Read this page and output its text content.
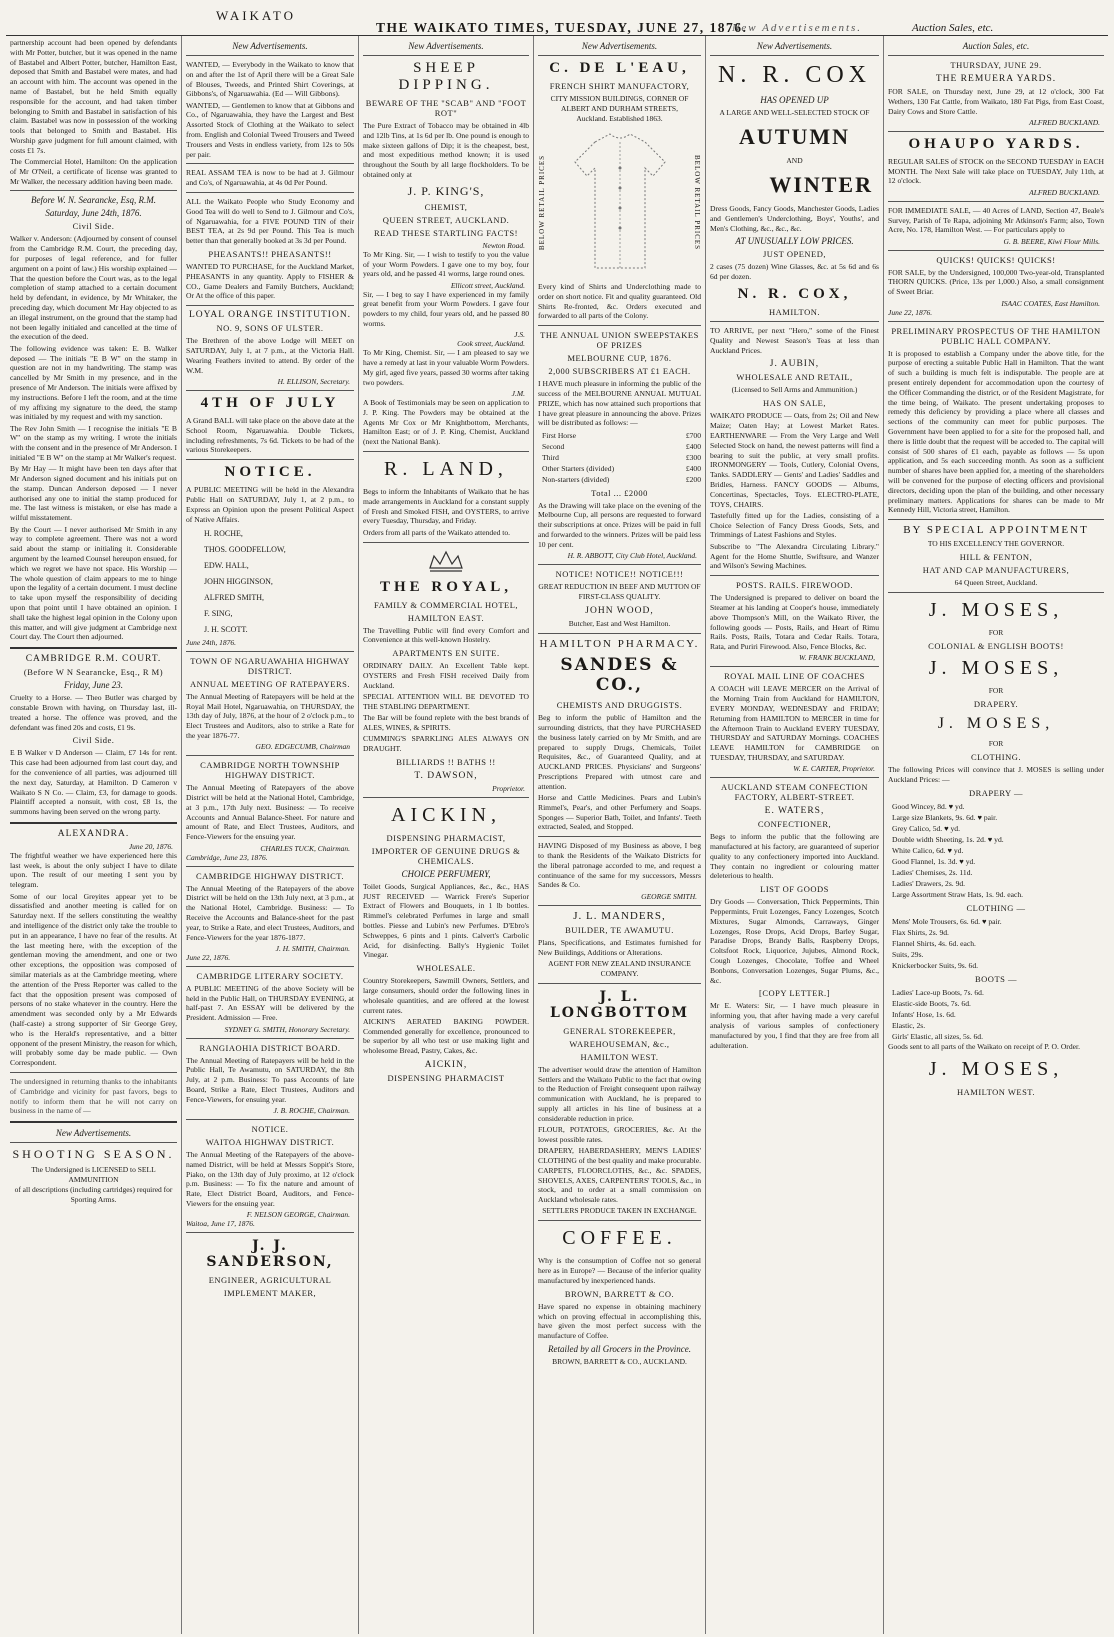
WAIKATO
THE WAIKATO TIMES, TUESDAY, JUNE 27, 1876.
New Advertisements.	Auction Sales, etc.

partnership account had been opened by defendants with Mr Potter, butcher, but it was opened in the name of Bastabel and Albert Potter, butcher, Hamilton East, deposed that Smith and Bastabel were mates, and had an account with him. The account was opened in the name of Bastabel, but he held Smith equally responsible for the account, and had taken timber belonging to Smith and Bastabel in satisfaction of his claim. Bastabel was now in possession of the working tools that belonged to Smith and Bastabel. His Worship gave judgment for full amount claimed, with costs £1 7s.

The Commercial Hotel, Hamilton: On the application of Mr O'Neil, a certificate of license was granted to Mr Walker, the necessary addition having been made.

Before W. N. Searancke, Esq, R.M.
Saturday, June 24th, 1876.
Civil Side.

Walker v. Anderson: (Adjourned by consent of counsel from the Cambridge R.M. Court, the preceding day, for purposes of legal reference, and for fuller argument on a point of law.) His worship explained — That the question before the Court was, as to the legal completion of stamp attached to a certain document held by defendant, in evidence, by Mr Whitaker, the preceding day, which document Mr Hay objected to as an illegal instrument, on the ground that the stamp had not been legally initialed and cancelled at the time of the execution of the deed.

The following evidence was taken: E. B. Walker deposed — The initials "E B W" on the stamp in question are not in my handwriting. The stamp was cancelled by Mr Smith in my presence, and in the presence of Mr Anderson. The initials were affixed by my instructions. Before I left the room, and at the time of my affixing my signature to the deed, the stamp was initialed by my request and with my sanction.

The Rev John Smith — I recognise the initials "E B W" on the stamp as my writing. I wrote the initials with the consent and in the presence of Mr Anderson. I initialed "E B W" on the stamp at Mr Walker's request.

By Mr Hay — It might have been ten days after that Mr Anderson signed document and his initials put on the stamp. Duncan Anderson deposed — I never authorised any one to initial the stamp produced for me. The last witness is mistaken, or else has made a wilful misstatement.

By the Court — I never authorised Mr Smith in any way to complete agreement. There was not a word said about the stamp or initialing it. Considerable argument by the learned Counsel hereupon ensued, for which we regret we have not space. His Worship — The whole question of claim appears to me to hinge upon the legality of a certain document. I must decline to take upon myself the responsibility of deciding upon that point until I have obtained an opinion. I shall take the highest legal opinion in the Colony upon this matter, and will give judgment at Cambridge next Court day. The Court then adjourned.

CAMBRIDGE R.M. COURT.
(Before W N Searancke, Esq., R M)
Friday, June 23.

Cruelty to a Horse. — Theo Butler was charged by constable Brown with having, on Thursday last, ill-treated a horse. The offence was proved, and the defendant was fined 20s and costs, £1 9s.

Civil Side.

E B Walker v D Anderson — Claim, £7 14s for rent. This case had been adjourned from last court day, and for the convenience of all parties, was adjourned till the next day, Saturday, at Hamilton. D Cameron v Waikato S N Co. — Claim, £3, for damage to goods. Plaintiff accepted a nonsuit, with cost, £8 1s, the summons having been served on the wrong party.

ALEXANDRA.
June 20, 1876.

The frightful weather we have experienced here this last week, is about the only subject I have to dilate upon. The result of our meeting I sent you by telegram.

Some of our local Greyites appear yet to be dissatisfied and another meeting is called for on Saturday next. If the sellers constituting the wealthy and intelligence of the district only take the trouble to put in an appearance, I have no fear of the results. At the last meeting here, with the exception of the gentleman moving the amendment, and one or two other exceptions, the opposition was composed of similar materials as at the Cambridge meeting, where the attention of the Press Reporter was called to the fact that the opposition present was composed of persons of no stake whatever in the country. Here the amendment was seconded only by a Mr Edwards (half-caste) a strong supporter of Sir George Grey, who is the Herald's representative, and a bitter opponent of the present Ministry, the reason for which, will probably some day be made public. — Own Correspondent.

The undersigned in returning thanks to the inhabitants of Cambridge and vicinity for past favors, begs to notify to inform them that he will not carry on business in the name of —

New Advertisements.
SHOOTING SEASON.
The Undersigned is LICENSED to SELL AMMUNITION
of all descriptions (including cartridges) required for Sporting Arms.
New Advertisements.

WANTED, — Everybody in the Waikato to know that on and after the 1st of April there will be a Great Sale of Blouses, Tweeds, and Printed Shirt Coverings, at Gibbons's, of Ngaruawahia. (Ed — Will Gibbons).

WANTED, — Gentlemen to know that at Gibbons and Co., of Ngaruawahia, they have the Largest and Best Assorted Stock of Clothing at the Waikato to select from. English and Colonial Tweed Trousers and Tweed Trousers and Vests in endless variety, from 12s to 50s per pair.

REAL ASSAM TEA is now to be had at J. Gilmour and Co's, of Ngaruawahia, at 4s 0d Per Pound.

ALL the Waikato People who Study Economy and Good Tea will do well to Send to J. Gilmour and Co's, of Ngaruawahia, for a FIVE POUND TIN of their BEST TEA, at 2s 9d per Pound. This Tea is much better than that generally booked at 3s 3d per Pound.

PHEASANTS!! PHEASANTS!!

WANTED TO PURCHASE, for the Auckland Market, PHEASANTS in any quantity. Apply to FISHER & CO., Game Dealers and Family Butchers, Auckland; Or At the office of this paper.

LOYAL ORANGE INSTITUTION.
NO. 9, SONS OF ULSTER.

The Brethren of the above Lodge will MEET on SATURDAY, July 1, at 7 p.m., at the Victoria Hall. Wearing Feathers invited to attend. By order of the W.M.

H. ELLISON, Secretary.
4TH OF JULY

A Grand BALL will take place on the above date at the School Room, Ngaruawahia. Double Tickets, including refreshments, 7s 6d. Tickets to be had of the various Storekeepers.

NOTICE.

A PUBLIC MEETING will be held in the Alexandra Public Hall on SATURDAY, July 1, at 2 p.m., to Express an Opinion upon the present Political Aspect of Native Affairs.

H. ROCHE,
THOS. GOODFELLOW,
EDW. HALL,
JOHN HIGGINSON,
ALFRED SMITH,
F. SING,
J. H. SCOTT.
June 24th, 1876.
TOWN OF NGARUAWAHIA HIGHWAY DISTRICT.
ANNUAL MEETING OF RATEPAYERS.

The Annual Meeting of Ratepayers will be held at the Royal Mail Hotel, Ngaruawahia, on THURSDAY, the 13th day of July, 1876, at the hour of 2 o'clock p.m., to Elect Trustees and Auditors, also to strike a Rate for the year 1876-77.

GEO. EDGECUMB, Chairman
CAMBRIDGE NORTH TOWNSHIP HIGHWAY DISTRICT.

The Annual Meeting of Ratepayers of the above District will be held at the National Hotel, Cambridge, at 3 p.m., 17th July next. Business: — To receive Accounts and Annual Balance-Sheet. For nature and amount of Rate, and Elect Trustees, Auditors, and Fence-Viewers for the ensuing year.

CHARLES TUCK, Chairman.
Cambridge, June 23, 1876.
CAMBRIDGE HIGHWAY DISTRICT.

The Annual Meeting of the Ratepayers of the above District will be held on the 13th July next, at 3 p.m., at the National Hotel, Cambridge. Business: — To Receive the Accounts and Balance-sheet for the past year, to Strike a Rate, and elect Trustees, Auditors, and Fence-Viewers for the year 1876-1877.

J. H. SMITH, Chairman.
June 22, 1876.
CAMBRIDGE LITERARY SOCIETY.

A PUBLIC MEETING of the above Society will be held in the Public Hall, on THURSDAY EVENING, at half-past 7. An ESSAY will be delivered by the President. Admission — Free.

SYDNEY G. SMITH, Honorary Secretary.
RANGIAOHIA DISTRICT BOARD.

The Annual Meeting of Ratepayers will be held in the Public Hall, Te Awamutu, on SATURDAY, the 8th July, at 2 p.m. Business: To pass Accounts of late Board, Strike a Rate, Elect Trustees, Auditors and Fence-Viewers, for ensuing year.

J. B. ROCHE, Chairman.
NOTICE.
WAITOA HIGHWAY DISTRICT.

The Annual Meeting of the Ratepayers of the above-named District, will be held at Messrs Soppit's Store, Piako, on the 13th day of July proximo, at 12 o'clock p.m. Business: — To fix the nature and amount of Rate, Elect District Board, Auditors, and Fence-Viewers for the ensuing year.

F. NELSON GEORGE, Chairman.
Waitoa, June 17, 1876.
J. J. SANDERSON,
ENGINEER, AGRICULTURAL
IMPLEMENT MAKER,
New Advertisements.
SHEEP DIPPING.
BEWARE OF THE "SCAB" AND "FOOT ROT"

The Pure Extract of Tobacco may be obtained in 4lb and 12lb Tins, at 1s 6d per lb. One pound is enough to make sixteen gallons of Dip; it is the cheapest, best, and most expeditious method known; it is used throughout the South by all large flockholders. To be obtained only at

J. P. KING'S,
CHEMIST,
QUEEN STREET, AUCKLAND.
READ THESE STARTLING FACTS!
Newton Road.

To Mr King. Sir, — I wish to testify to you the value of your Worm Powders. I gave one to my boy, four years old, and he passed 41 worms, large round ones.

Ellicott street, Auckland.

Sir, — I beg to say I have experienced in my family great benefit from your Worm Powders. I gave four powders to my child, four years old, and he passed 80 worms.

J.S.
Cook street, Auckland.

To Mr King, Chemist. Sir, — I am pleased to say we have a remedy at last in your valuable Worm Powders. My girl, aged five years, passed 30 worms after taking two powders.

J.M.

A Book of Testimonials may be seen on application to J. P. King. The Powders may be obtained at the Agents Mr Cox or Mr Knightbottom, Merchants, Hamilton East; or of J. P. King, Chemist, Auckland (next the National Bank).

R. LAND,

Begs to inform the Inhabitants of Waikato that he has made arrangements in Auckland for a constant supply of Fresh and Smoked FISH, and OYSTERS, to arrive every Tuesday, Thursday, and Friday.

Orders from all parts of the Waikato attended to.

THE ROYAL,
FAMILY & COMMERCIAL HOTEL,
HAMILTON EAST.

The Travelling Public will find every Comfort and Convenience at this well-known Hostelry.

APARTMENTS EN SUITE.

ORDINARY DAILY. An Excellent Table kept. OYSTERS and Fresh FISH received Daily from Auckland.

SPECIAL ATTENTION WILL BE DEVOTED TO THE STABLING DEPARTMENT.

The Bar will be found replete with the best brands of ALES, WINES, & SPIRITS.

CUMMING'S SPARKLING ALES ALWAYS ON DRAUGHT.

BILLIARDS !! BATHS !!
T. DAWSON,
Proprietor.
AICKIN,
DISPENSING PHARMACIST,
IMPORTER OF GENUINE DRUGS & CHEMICALS.
CHOICE PERFUMERY,

Toilet Goods, Surgical Appliances, &c., &c., HAS JUST RECEIVED — Warrick Frere's Superior Extract of Flowers and Bouquets, in 1 lb bottles. Rimmel's celebrated Perfumes in large and small bottles. Piesse and Lubin's new Perfumes. D'Ebro's Schweppes, 6 pints and 1 pints. Calvert's Carbolic Acid, for disinfecting. Bally's Hygienic Toilet Vinegar.

WHOLESALE.

Country Storekeepers, Sawmill Owners, Settlers, and large consumers, should order the following lines in wholesale quantities, and are offered at the lowest current rates.

AICKIN'S AERATED BAKING POWDER. Commended generally for excellence, pronounced to be superior by all who test or use making light and wholesome Bread, Pastry, Cakes, &c.

AICKIN,
DISPENSING PHARMACIST
New Advertisements.
C. DE L'EAU,
FRENCH SHIRT MANUFACTORY,
CITY MISSION BUILDINGS, CORNER OF ALBERT AND DURHAM STREETS,
Auckland. Established 1863.
BELOW RETAIL PRICES	BELOW RETAIL PRICES

Every kind of Shirts and Underclothing made to order on short notice. Fit and quality guaranteed. Old Shirts Re-fronted, &c. Orders executed and forwarded to all parts of the Colony.

THE ANNUAL UNION SWEEPSTAKES OF PRIZES
MELBOURNE CUP, 1876.
2,000 SUBSCRIBERS AT £1 EACH.

I HAVE much pleasure in informing the public of the success of the MELBOURNE ANNUAL MUTUAL PRIZE, which has now attained such proportions that I have great pleasure in announcing the above. Prizes will be distributed as follows: —

First Horse	£700
Second	£400
Third	£300
Other Starters (divided)	£400
Non-starters (divided)	£200
Total ... £2000

As the Drawing will take place on the evening of the Melbourne Cup, all persons are requested to forward their subscriptions at once. Prizes will be paid in full and forwarded to the winners. Prizes will be paid less 10 per cent.

H. R. ABBOTT, City Club Hotel, Auckland.
NOTICE! NOTICE!! NOTICE!!!
GREAT REDUCTION IN BEEF AND MUTTON OF FIRST-CLASS QUALITY.
JOHN WOOD,
Butcher, East and West Hamilton.
HAMILTON PHARMACY.
SANDES & CO.,
CHEMISTS AND DRUGGISTS.

Beg to inform the public of Hamilton and the surrounding districts, that they have PURCHASED the business lately carried on by Mr Smith, and are prepared to supply Drugs, Chemicals, Toilet Requisites, &c., of Guaranteed Quality, and at AUCKLAND PRICES. Physicians' and Surgeons' Prescriptions Prepared with utmost care and attention.

Horse and Cattle Medicines. Pears and Lubin's Rimmel's, Pear's, and other Perfumery and Soaps. Sponges — Superior Bath, Toilet, and Infants'. Teeth extracted, Sealed, and Stopped.

HAVING Disposed of my Business as above, I beg to thank the Residents of the Waikato Districts for the liberal patronage accorded to me, and request a continuance of the same for my successors, Messrs Sandes & Co.

GEORGE SMITH.
J. L. MANDERS,
BUILDER, TE AWAMUTU.

Plans, Specifications, and Estimates furnished for New Buildings, Additions or Alterations.

AGENT FOR NEW ZEALAND INSURANCE COMPANY.
J. L. LONGBOTTOM
GENERAL STOREKEEPER,
WAREHOUSEMAN, &c.,
HAMILTON WEST.

The advertiser would draw the attention of Hamilton Settlers and the Waikato Public to the fact that owing to the Reduction of Freight consequent upon railway communication with Auckland, he is prepared to supply all articles in his line of business at a considerable reduction in price.

FLOUR, POTATOES, GROCERIES, &c. At the lowest possible rates.

DRAPERY, HABERDASHERY, MEN'S LADIES' CLOTHING of the best quality and make procurable. CARPETS, FLOORCLOTHS, &c., &c. SPADES, SHOVELS, AXES, CARPENTERS' TOOLS, &c., in stock, and to order at a small commission on Auckland wholesale rates.

SETTLERS PRODUCE TAKEN IN EXCHANGE.
COFFEE.

Why is the consumption of Coffee not so general here as in Europe? — Because of the inferior quality manufactured by inexperienced hands.

BROWN, BARRETT & CO.

Have spared no expense in obtaining machinery which on proving effectual in accomplishing this, have given the most perfect success with the manufacture of Coffee.

Retailed by all Grocers in the Province.
BROWN, BARRETT & CO., AUCKLAND.
New Advertisements.
N. R. COX
HAS OPENED UP
A LARGE AND WELL-SELECTED STOCK OF
AUTUMN
AND
WINTER

Dress Goods, Fancy Goods, Manchester Goods, Ladies and Gentlemen's Underclothing, Boys', Youths', and Men's Clothing, &c., &c., &c.

AT UNUSUALLY LOW PRICES.
JUST OPENED,

2 cases (75 dozen) Wine Glasses, &c. at 5s 6d and 6s 6d per dozen.

N. R. COX,
HAMILTON.

TO ARRIVE, per next "Hero," some of the Finest Quality and Newest Season's Teas at less than Auckland Prices.

J. AUBIN,
WHOLESALE AND RETAIL,
(Licensed to Sell Arms and Ammunition.)
HAS ON SALE,

WAIKATO PRODUCE — Oats, from 2s; Oil and New Maize; Oaten Hay; at Lowest Market Rates. EARTHENWARE — From the Very Large and Well Selected Stock on hand, the newest patterns will find a bearing to suit the public, at very small profits. IRONMONGERY — Tools, Cutlery, Colonial Ovens, Tanks. SADDLERY — Gents' and Ladies' Saddles and Bridles, Harness. FANCY GOODS — Albums, Concertinas, Spectacles, Toys. ELECTRO-PLATE, TOYS, CHAIRS.

Tastefully fitted up for the Ladies, consisting of a Choice Selection of Fancy Dress Goods, Sets, and Trimmings of Latest Fashions and Styles.

Subscribe to "The Alexandra Circulating Library." Agent for the Home Shuttle, Swiftsure, and Wanzer and Wilson's Sewing Machines.

POSTS. RAILS. FIREWOOD.

The Undersigned is prepared to deliver on board the Steamer at his landing at Cooper's house, immediately above Thompson's Mill, on the Waikato River, the following goods — Posts, Rails, and Heart of Rimu Rails. Posts, Rails, Totara and Cedar Rails. Totara, Rata, and Puriri Firewood. Also, Fence Blocks, &c.

W. FRANK BUCKLAND,
ROYAL MAIL LINE OF COACHES

A COACH will LEAVE MERCER on the Arrival of the Morning Train from Auckland for HAMILTON, EVERY MONDAY, WEDNESDAY and FRIDAY; Returning from HAMILTON to MERCER in time for the Afternoon Train to Auckland EVERY TUESDAY, THURSDAY and SATURDAY Mornings. COACHES LEAVE HAMILTON for CAMBRIDGE on TUESDAY, THURSDAY, and SATURDAY.

W. E. CARTER, Proprietor.
AUCKLAND STEAM CONFECTION FACTORY, ALBERT-STREET.
E. WATERS,
CONFECTIONER,

Begs to inform the public that the following are manufactured at his factory, are guaranteed of superior quality to any confectionery imported into Auckland. They contain no ingredient or colouring matter deleterious to health.

LIST OF GOODS

Dry Goods — Conversation, Thick Peppermints, Thin Peppermints, Fruit Lozenges, Fancy Lozenges, Scotch Mixtures, Sugar Almonds, Carraways, Ginger Lozenges, Rose Drops, Acid Drops, Barley Sugar, Paradise Drops, Brandy Balls, Raspberry Drops, Coltsfoot Rock, Liquorice, Jujubes, Almond Rock, Cough Lozenges, Chocolate, Toffee and Wheel Bonbons, Conversation Lozenges, Sugar Plums, &c., &c.

[COPY LETTER.]

Mr E. Waters: Sir, — I have much pleasure in informing you, that after having made a very careful analysis of various samples of confectionery manufactured by you, I find that they are free from all adulteration.

Auction Sales, etc.
THURSDAY, JUNE 29.
THE REMUERA YARDS.

FOR SALE, on Thursday next, June 29, at 12 o'clock, 300 Fat Wethers, 130 Fat Cattle, from Waikato, 180 Fat Pigs, from East Coast, Dairy Cows and Store Cattle.

ALFRED BUCKLAND.
OHAUPO YARDS.

REGULAR SALES of STOCK on the SECOND TUESDAY in EACH MONTH. The Next Sale will take place on TUESDAY, July 11th, at 12 o'clock.

ALFRED BUCKLAND.

FOR IMMEDIATE SALE, — 40 Acres of LAND, Section 47, Beale's Survey, Parish of Te Rapa, adjoining Mr Atkinson's Farm; also, Town Acre, No. 178, Hamilton West. — For particulars apply to

G. B. BEERE, Kiwi Flour Mills.
QUICKS! QUICKS! QUICKS!

FOR SALE, by the Undersigned, 100,000 Two-year-old, Transplanted THORN QUICKS. (Price, 13s per 1,000.) Also, a small consignment of Sweet Briar.

ISAAC COATES, East Hamilton.
June 22, 1876.
PRELIMINARY PROSPECTUS OF THE HAMILTON PUBLIC HALL COMPANY.

It is proposed to establish a Company under the above title, for the purpose of erecting a suitable Public Hall in Hamilton. That the want of such a building is much felt is indisputable. The people are at present entirely dependent for accommodation upon the courtesy of the Officer Commanding the district, or of the Resident Magistrate, for the time being, of Waikato. The present undertaking proposes to remedy this deficiency by providing a place where all classes and sections of the community can meet for public purposes. The Government have been applied to for a site for the proposed hall, and there is little doubt that the request will be acceded to. The capital will consist of 500 shares of £1 each, payable as follows — 5s upon application, and 5s each succeeding month. As soon as a sufficient number of shares have been applied for, a meeting of the shareholders will be convened for the purpose of electing officers and provisional directors, deciding upon the plan of the building, and other necessary preliminary matters. Applications for shares can be made to Mr Kennedy Hill, Victoria street, Hamilton.

BY SPECIAL APPOINTMENT
TO HIS EXCELLENCY THE GOVERNOR.
HILL & FENTON,
HAT AND CAP MANUFACTURERS,
64 Queen Street, Auckland.
J. MOSES,
FOR
COLONIAL & ENGLISH BOOTS!
J. MOSES,
FOR
DRAPERY.
J. MOSES,
FOR
CLOTHING.

The following Prices will convince that J. MOSES is selling under Auckland Prices: —

DRAPERY —
Good Wincey, 8d. ♥ yd.
Large size Blankets, 9s. 6d. ♥ pair.
Grey Calico, 5d. ♥ yd.
Double width Sheeting, 1s. 2d. ♥ yd.
White Calico, 6d. ♥ yd.
Good Flannel, 1s. 3d. ♥ yd.
Ladies' Chemises, 2s. 11d.
Ladies' Drawers, 2s. 9d.
Large Assortment Straw Hats, 1s. 9d. each.
CLOTHING —
Mens' Mole Trousers, 6s. 6d. ♥ pair.
Flax Shirts, 2s. 9d.
Flannel Shirts, 4s. 6d. each.
Suits, 29s.
Knickerbocker Suits, 9s. 6d.
BOOTS —
Ladies' Lace-up Boots, 7s. 6d.
Elastic-side Boots, 7s. 6d.
Infants' Hose, 1s. 6d.
Elastic, 2s.
Girls' Elastic, all sizes, 5s. 6d.

Goods sent to all parts of the Waikato on receipt of P. O. Order.

J. MOSES,
HAMILTON WEST.
